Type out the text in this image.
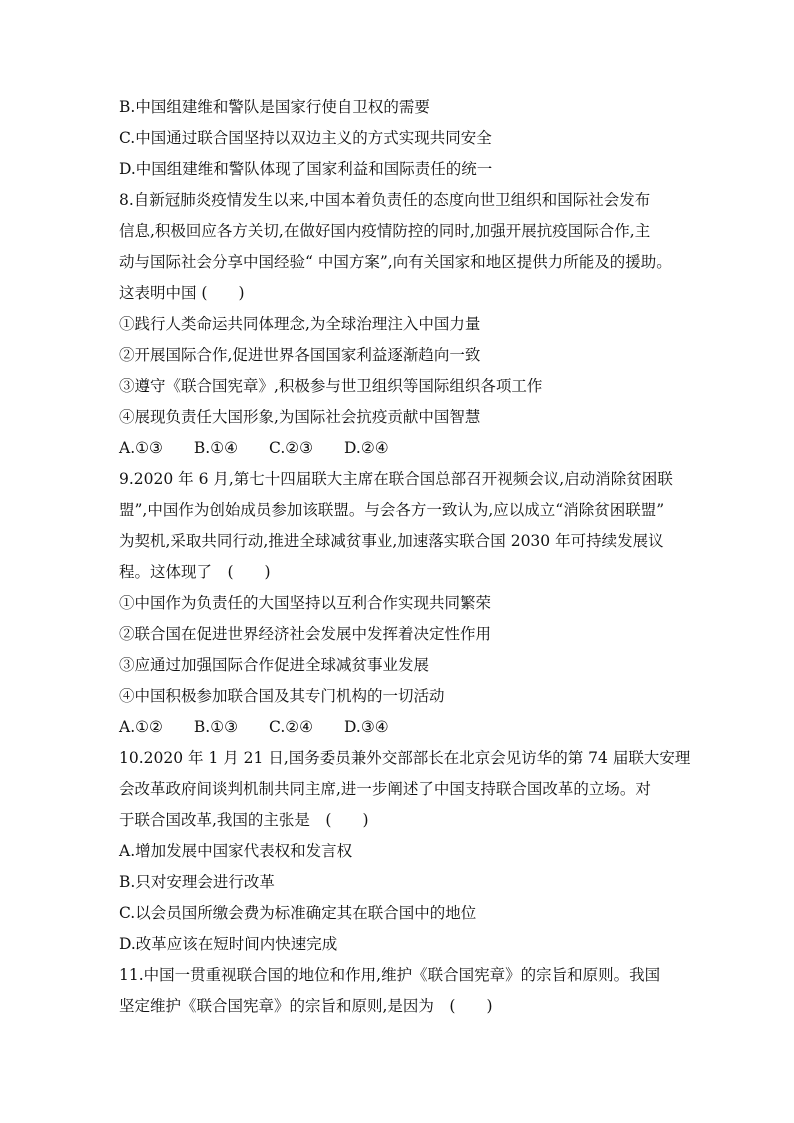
B.中国组建维和警队是国家行使自卫权的需要
C.中国通过联合国坚持以双边主义的方式实现共同安全
D.中国组建维和警队体现了国家利益和国际责任的统一
8.自新冠肺炎疫情发生以来,中国本着负责任的态度向世卫组织和国际社会发布
信息,积极回应各方关切,在做好国内疫情防控的同时,加强开展抗疫国际合作,主
动与国际社会分享中国经验“ 中国方案”,向有关国家和地区提供力所能及的援助。
这表明中国 (　　)
①践行人类命运共同体理念,为全球治理注入中国力量
②开展国际合作,促进世界各国国家利益逐渐趋向一致
③遵守《联合国宪章》,积极参与世卫组织等国际组织各项工作
④展现负责任大国形象,为国际社会抗疫贡献中国智慧
A.①③　　B.①④　　C.②③　　D.②④
9.2020 年 6 月,第七十四届联大主席在联合国总部召开视频会议,启动消除贫困联
盟”,中国作为创始成员参加该联盟。与会各方一致认为,应以成立“消除贫困联盟”
为契机,采取共同行动,推进全球减贫事业,加速落实联合国 2030 年可持续发展议
程。这体现了　(　　)
①中国作为负责任的大国坚持以互利合作实现共同繁荣
②联合国在促进世界经济社会发展中发挥着决定性作用
③应通过加强国际合作促进全球减贫事业发展
④中国积极参加联合国及其专门机构的一切活动
A.①②　　B.①③　　C.②④　　D.③④
10.2020 年 1 月 21 日,国务委员兼外交部部长在北京会见访华的第 74 届联大安理
会改革政府间谈判机制共同主席,进一步阐述了中国支持联合国改革的立场。对
于联合国改革,我国的主张是　(　　)
A.增加发展中国家代表权和发言权
B.只对安理会进行改革
C.以会员国所缴会费为标准确定其在联合国中的地位
D.改革应该在短时间内快速完成
11.中国一贯重视联合国的地位和作用,维护《联合国宪章》的宗旨和原则。我国
坚定维护《联合国宪章》的宗旨和原则,是因为　(　　)
